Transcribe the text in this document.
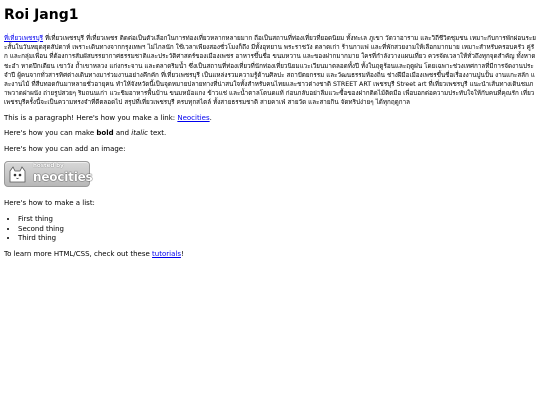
Roi Jang1

ที่เที่ยวเพชรบุรี ที่เที่ยวเพชรบุรี ที่เที่ยวเพชร ติดต่อเป็นตัวเลือกในการท่องเที่ยวหลากหลายมาก ถือเป็นสถานที่ท่องเที่ยวที่ยอดนิยม ทั้งทะเล ภูเขา วัดวาอาราม และวิถีชีวิตชุมชน เหมาะกับการพักผ่อนระยะสั้นในวันหยุดสุดสัปดาห์ เพราะเดินทางจากกรุงเทพฯ ไม่ไกลนัก ใช้เวลาเพียงสองชั่วโมงก็ถึง มีทั้งอุทยาน พระราชวัง ตลาดเก่า ร้านกาแฟ และที่พักสวยงามให้เลือกมากมาย เหมาะสำหรับครอบครัว คู่รัก และกลุ่มเพื่อน ที่ต้องการสัมผัสบรรยากาศธรรมชาติและประวัติศาสตร์ของเมืองเพชร อาหารขึ้นชื่อ ขนมหวาน และของฝากมากมาย ใครที่กำลังวางแผนเที่ยว ควรจัดเวลาให้ทั่วถึงทุกจุดสำคัญ ทั้งหาดชะอำ หาดปึกเตียน เขาวัง ถ้ำเขาหลวง แก่งกระจาน และตลาดริมน้ำ ซึ่งเป็นสถานที่ท่องเที่ยวที่นักท่องเที่ยวนิยมแวะเวียนมาตลอดทั้งปี ทั้งในฤดูร้อนและฤดูฝน โดยเฉพาะช่วงเทศกาลที่มีการจัดงานประจำปี ผู้คนจากทั่วสารทิศต่างเดินทางมาร่วมงานอย่างคึกคัก ที่เที่ยวเพชรบุรี เป็นแหล่งรวมความรู้ด้านศิลปะ สถาปัตยกรรม และวัฒนธรรมท้องถิ่น ช่างฝีมือเมืองเพชรขึ้นชื่อเรื่องงานปูนปั้น งานแกะสลัก และงานไม้ ที่สืบทอดกันมาหลายชั่วอายุคน ทำให้จังหวัดนี้เป็นจุดหมายปลายทางที่น่าสนใจทั้งสำหรับคนไทยและชาวต่างชาติ STREET ART เพชรบุรี Street art ที่เที่ยวเพชรบุรี แนะนำเส้นทางเดินชมภาพวาดฝาผนัง ถ่ายรูปสวยๆ ริมถนนเก่า แวะชิมอาหารพื้นบ้าน ขนมหม้อแกง ข้าวแช่ และน้ำตาลโตนดแท้ ก่อนกลับอย่าลืมแวะซื้อของฝากติดไม้ติดมือ เพื่อบอกต่อความประทับใจให้กับคนที่คุณรัก เที่ยวเพชรบุรีครั้งนี้จะเป็นความทรงจำที่ดีตลอดไป สรุปที่เที่ยวเพชรบุรี ครบทุกสไตล์ ทั้งสายธรรมชาติ สายคาเฟ่ สายวัด และสายกิน จัดทริปง่ายๆ ได้ทุกฤดูกาล

This is a paragraph! Here's how you make a link: Neocities.

Here's how you can make bold and italic text.

Here's how you can add an image:

hosted by
neocities

Here's how to make a list:

• First thing
• Second thing
• Third thing

To learn more HTML/CSS, check out these tutorials!
